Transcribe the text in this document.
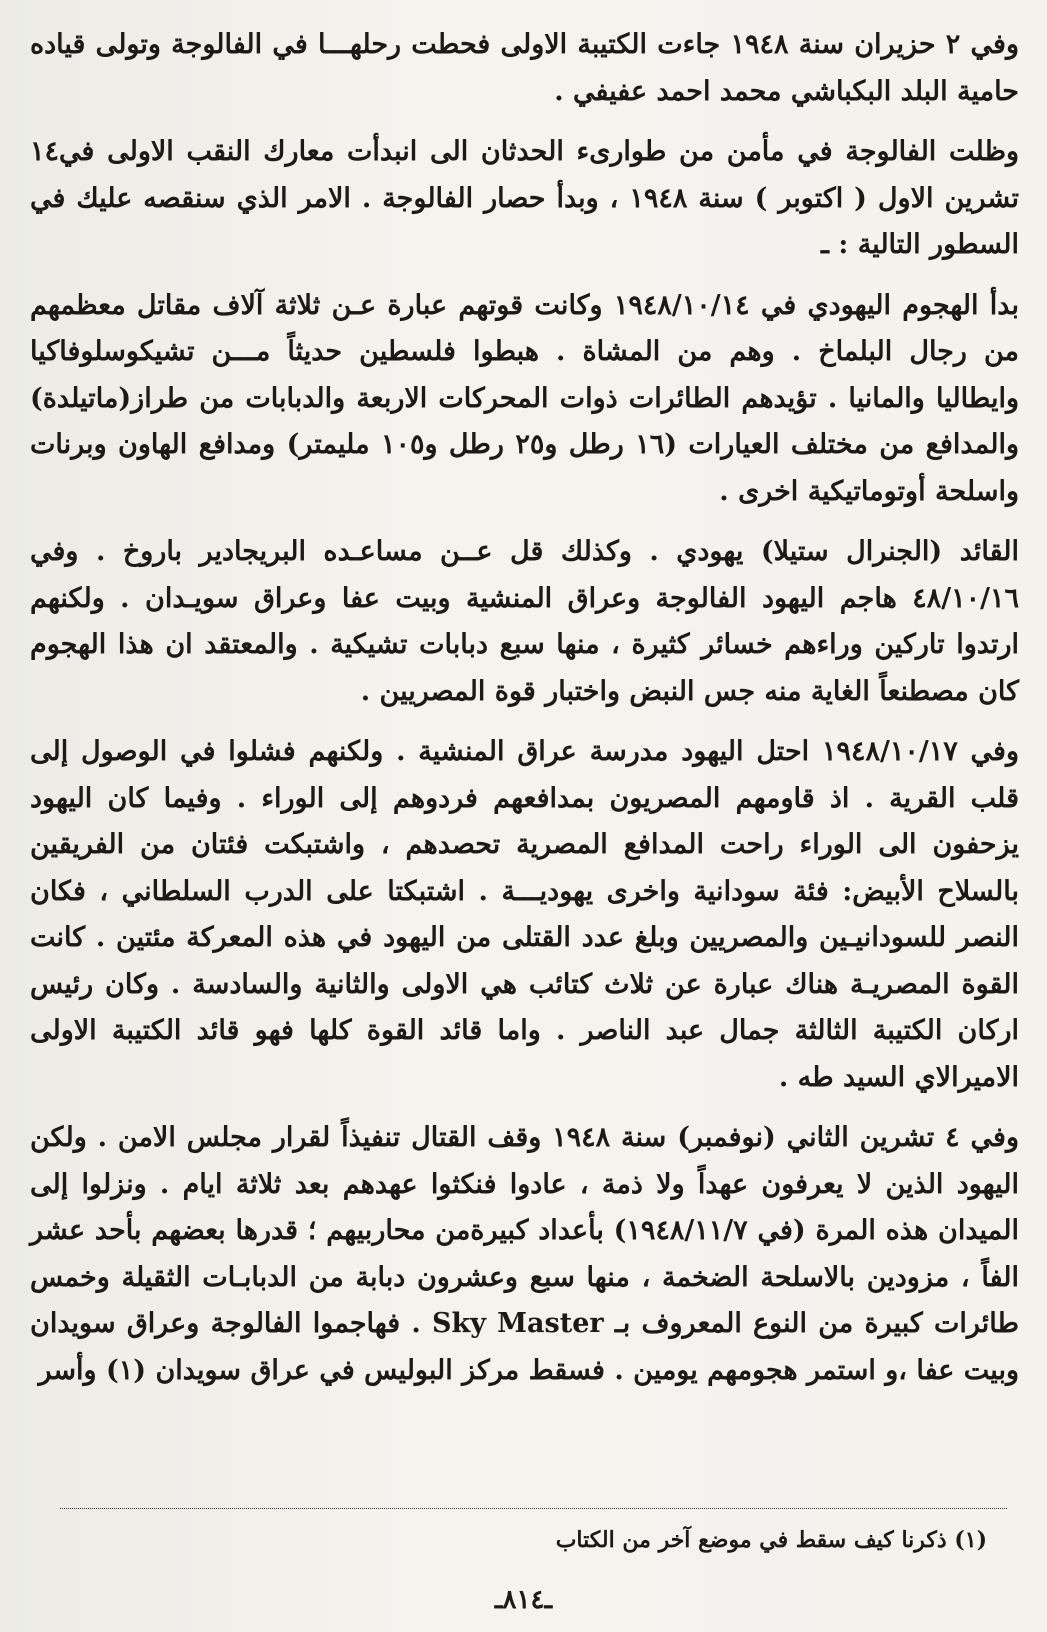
وفي ٢ حزيران سنة ١٩٤٨ جاءت الكتيبة الاولى فحطت رحلهـــا في الفالوجة وتولى قياده حامية البلد البكباشي محمد احمد عفيفي .

وظلت الفالوجة في مأمن من طوارىء الحدثان الى انبدأت معارك النقب الاولى في١٤ تشرين الاول ( اكتوبر ) سنة ١٩٤٨ ، وبدأ حصار الفالوجة . الامر الذي سنقصه عليك في السطور التالية : ـ

بدأ الهجوم اليهودي في ١٩٤٨/١٠/١٤ وكانت قوتهم عبارة عـن ثلاثة آلاف مقاتل معظمهم من رجال البلماخ . وهم من المشاة . هبطوا فلسطين حديثاً مـــن تشيكوسلوفاكيا وايطاليا والمانيا . تؤيدهم الطائرات ذوات المحركات الاربعة والدبابات من طراز(ماتيلدة) والمدافع من مختلف العيارات (١٦ رطل و٢٥ رطل و١٠٥ مليمتر) ومدافع الهاون وبرنات واسلحة أوتوماتيكية اخرى .

القائد (الجنرال ستيلا) يهودي . وكذلك قل عــن مساعـده البريجادير باروخ . وفي ٤٨/١٠/١٦ هاجم اليهود الفالوجة وعراق المنشية وبيت عفا وعراق سويـدان . ولكنهم ارتدوا تاركين وراءهم خسائر كثيرة ، منها سبع دبابات تشيكية . والمعتقد ان هذا الهجوم كان مصطنعاً الغاية منه جس النبض واختبار قوة المصريين .

وفي ١٩٤٨/١٠/١٧ احتل اليهود مدرسة عراق المنشية . ولكنهم فشلوا في الوصول إلى قلب القرية . اذ قاومهم المصريون بمدافعهم فردوهم إلى الوراء . وفيما كان اليهود يزحفون الى الوراء راحت المدافع المصرية تحصدهم ، واشتبكت فئتان من الفريقين بالسلاح الأبيض: فئة سودانية واخرى يهوديـــة . اشتبكتا على الدرب السلطاني ، فكان النصر للسودانيـين والمصريين وبلغ عدد القتلى من اليهود في هذه المعركة مئتين . كانت القوة المصريـة هناك عبارة عن ثلاث كتائب هي الاولى والثانية والسادسة . وكان رئيس اركان الكتيبة الثالثة جمال عبد الناصر . واما قائد القوة كلها فهو قائد الكتيبة الاولى الاميرالاي السيد طه .

وفي ٤ تشرين الثاني (نوفمبر) سنة ١٩٤٨ وقف القتال تنفيذاً لقرار مجلس الامن . ولكن اليهود الذين لا يعرفون عهداً ولا ذمة ، عادوا فنكثوا عهدهم بعد ثلاثة ايام . ونزلوا إلى الميدان هذه المرة (في ١٩٤٨/١١/٧) بأعداد كبيرةمن محاربيهم ؛ قدرها بعضهم بأحد عشر الفاً ، مزودين بالاسلحة الضخمة ، منها سبع وعشرون دبابة من الدبابـات الثقيلة وخمس طائرات كبيرة من النوع المعروف بـ Sky Master . فهاجموا الفالوجة وعراق سويدان وبيت عفا ،و استمر هجومهم يومين . فسقط مركز البوليس في عراق سويدان (١) وأسر

(١) ذكرنا كيف سقط في موضع آخر من الكتاب
ـ٨١٤ـ
